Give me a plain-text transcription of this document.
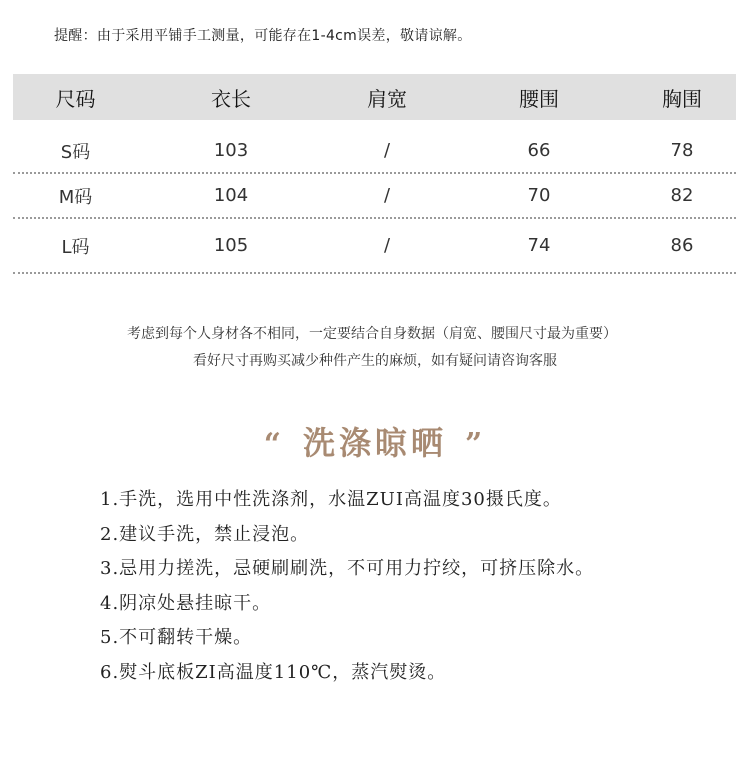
提醒：由于采用平铺手工测量，可能存在1-4cm误差，敬请谅解。
尺码	衣长	肩宽	腰围	胸围
S码	103	/	66	78
M码	104	/	70	82
L码	105	/	74	86
考虑到每个人身材各不相同，一定要结合自身数据（肩宽、腰围尺寸最为重要）
看好尺寸再购买减少种件产生的麻烦，如有疑问请咨询客服
“ 洗涤晾晒 ”
1.手洗，选用中性洗涤剂，水温ZUI高温度30摄氏度。
2.建议手洗，禁止浸泡。
3.忌用力搓洗，忌硬刷刷洗，不可用力拧绞，可挤压除水。
4.阴凉处悬挂晾干。
5.不可翻转干燥。
6.熨斗底板ZI高温度110℃，蒸汽熨烫。
